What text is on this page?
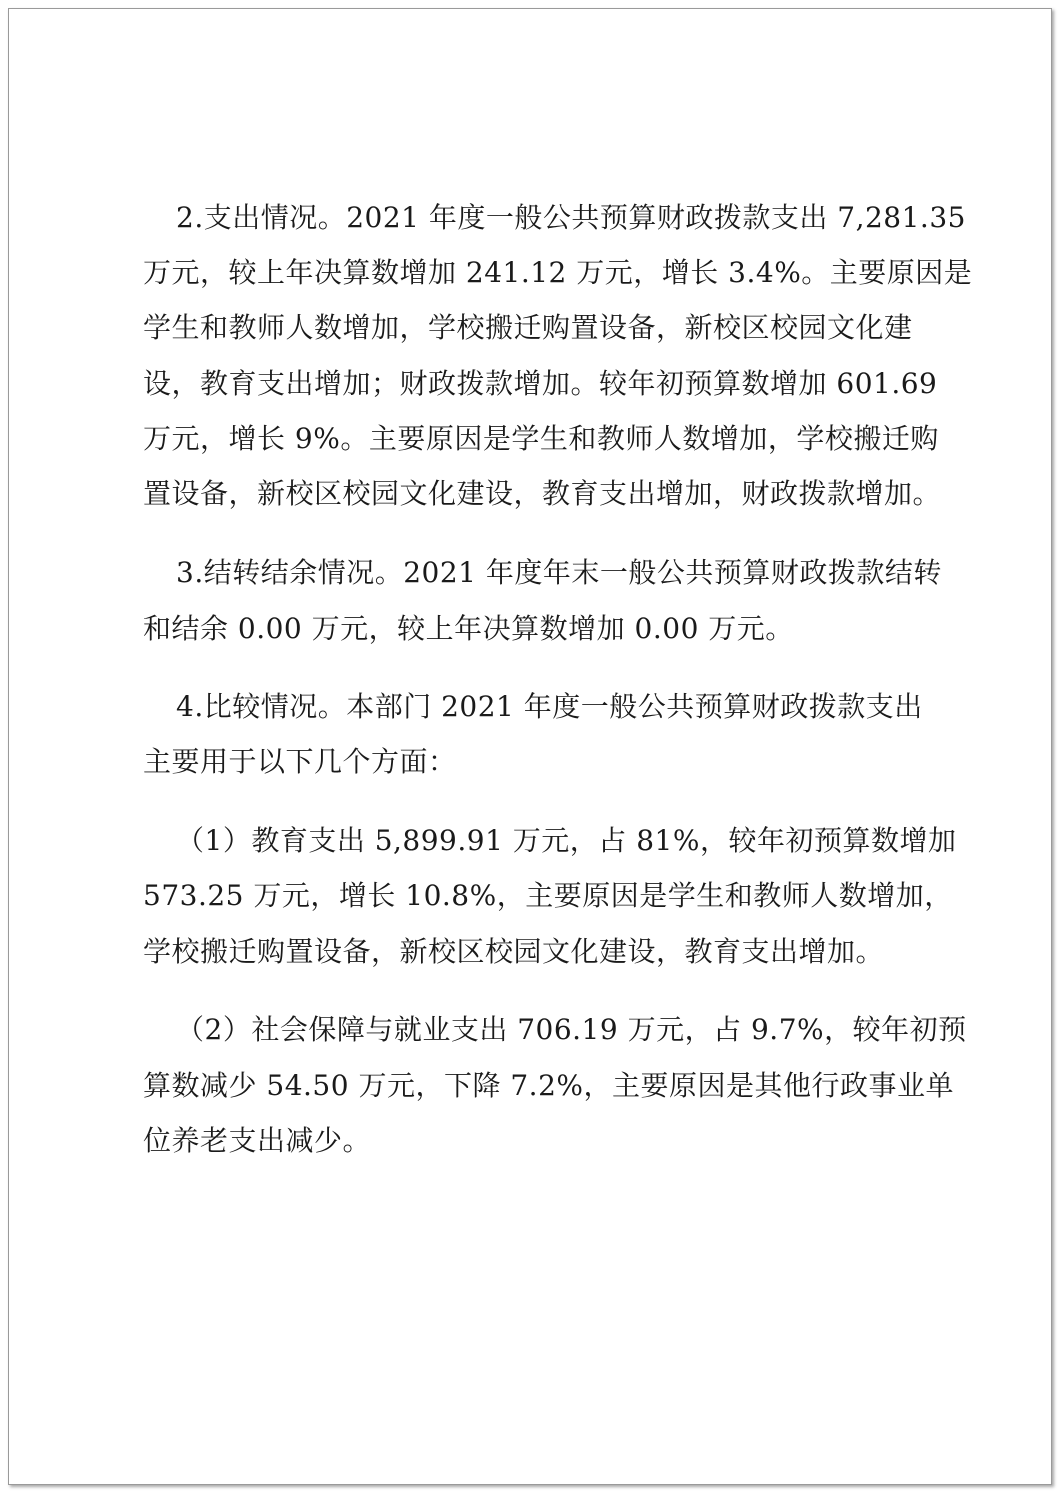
2.支出情况。2021 年度一般公共预算财政拨款支出 7,281.35
万元，较上年决算数增加 241.12 万元，增长 3.4%。主要原因是
学生和教师人数增加，学校搬迁购置设备，新校区校园文化建
设，教育支出增加；财政拨款增加。较年初预算数增加 601.69
万元，增长 9%。主要原因是学生和教师人数增加，学校搬迁购
置设备，新校区校园文化建设，教育支出增加，财政拨款增加。
3.结转结余情况。2021 年度年末一般公共预算财政拨款结转
和结余 0.00 万元，较上年决算数增加 0.00 万元。
4.比较情况。本部门 2021 年度一般公共预算财政拨款支出
主要用于以下几个方面：
（1）教育支出 5,899.91 万元，占 81%，较年初预算数增加
573.25 万元，增长 10.8%，主要原因是学生和教师人数增加，
学校搬迁购置设备，新校区校园文化建设，教育支出增加。
（2）社会保障与就业支出 706.19 万元，占 9.7%，较年初预
算数减少 54.50 万元，下降 7.2%，主要原因是其他行政事业单
位养老支出减少。
